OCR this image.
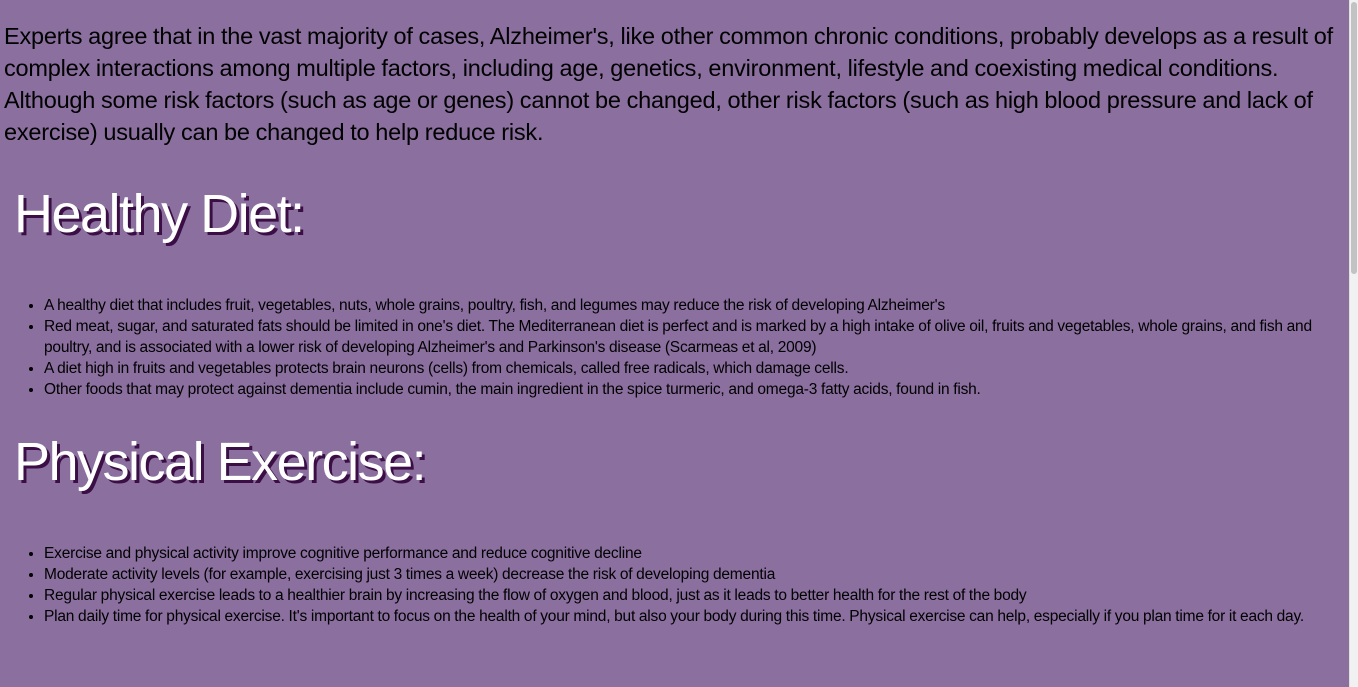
Experts agree that in the vast majority of cases, Alzheimer's, like other common chronic conditions, probably develops as a result of complex interactions among multiple factors, including age, genetics, environment, lifestyle and coexisting medical conditions. Although some risk factors (such as age or genes) cannot be changed, other risk factors (such as high blood pressure and lack of exercise) usually can be changed to help reduce risk.

Healthy Diet:
• A healthy diet that includes fruit, vegetables, nuts, whole grains, poultry, fish, and legumes may reduce the risk of developing Alzheimer's
• Red meat, sugar, and saturated fats should be limited in one's diet. The Mediterranean diet is perfect and is marked by a high intake of olive oil, fruits and vegetables, whole grains, and fish and poultry, and is associated with a lower risk of developing Alzheimer's and Parkinson's disease (Scarmeas et al, 2009)
• A diet high in fruits and vegetables protects brain neurons (cells) from chemicals, called free radicals, which damage cells.
• Other foods that may protect against dementia include cumin, the main ingredient in the spice turmeric, and omega-3 fatty acids, found in fish.
Physical Exercise:
• Exercise and physical activity improve cognitive performance and reduce cognitive decline
• Moderate activity levels (for example, exercising just 3 times a week) decrease the risk of developing dementia
• Regular physical exercise leads to a healthier brain by increasing the flow of oxygen and blood, just as it leads to better health for the rest of the body
• Plan daily time for physical exercise. It's important to focus on the health of your mind, but also your body during this time. Physical exercise can help, especially if you plan time for it each day.
